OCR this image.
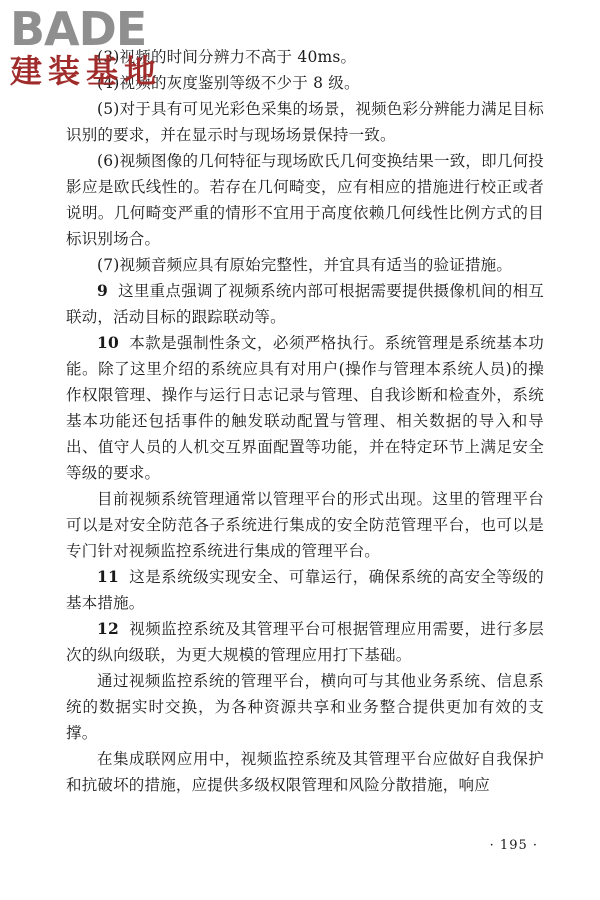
BADE
建装基地

(3)视频的时间分辨力不高于 40ms。

(4)视频的灰度鉴别等级不少于 8 级。

(5)对于具有可见光彩色采集的场景，视频色彩分辨能力满足目标识别的要求，并在显示时与现场场景保持一致。

(6)视频图像的几何特征与现场欧氏几何变换结果一致，即几何投影应是欧氏线性的。若存在几何畸变，应有相应的措施进行校正或者说明。几何畸变严重的情形不宜用于高度依赖几何线性比例方式的目标识别场合。

(7)视频音频应具有原始完整性，并宜具有适当的验证措施。

9 这里重点强调了视频系统内部可根据需要提供摄像机间的相互联动，活动目标的跟踪联动等。

10 本款是强制性条文，必须严格执行。系统管理是系统基本功能。除了这里介绍的系统应具有对用户(操作与管理本系统人员)的操作权限管理、操作与运行日志记录与管理、自我诊断和检查外，系统基本功能还包括事件的触发联动配置与管理、相关数据的导入和导出、值守人员的人机交互界面配置等功能，并在特定环节上满足安全等级的要求。

目前视频系统管理通常以管理平台的形式出现。这里的管理平台可以是对安全防范各子系统进行集成的安全防范管理平台，也可以是专门针对视频监控系统进行集成的管理平台。

11 这是系统级实现安全、可靠运行，确保系统的高安全等级的基本措施。

12 视频监控系统及其管理平台可根据管理应用需要，进行多层次的纵向级联，为更大规模的管理应用打下基础。

通过视频监控系统的管理平台，横向可与其他业务系统、信息系统的数据实时交换，为各种资源共享和业务整合提供更加有效的支撑。

在集成联网应用中，视频监控系统及其管理平台应做好自我保护和抗破坏的措施，应提供多级权限管理和风险分散措施，响应

· 195 ·
